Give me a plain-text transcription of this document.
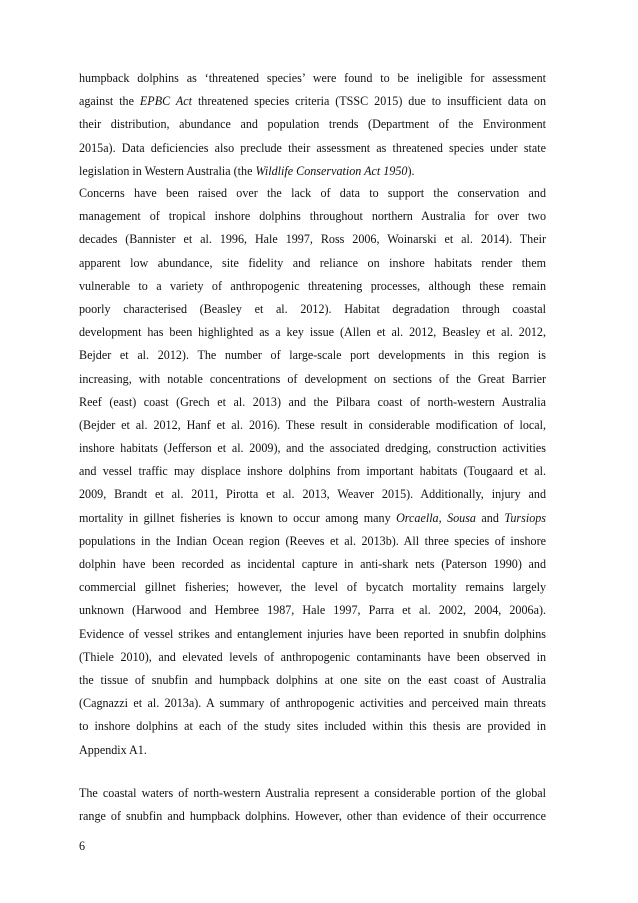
humpback dolphins as ‘threatened species’ were found to be ineligible for assessment
against the EPBC Act threatened species criteria (TSSC 2015) due to insufficient data on
their distribution, abundance and population trends (Department of the Environment
2015a). Data deficiencies also preclude their assessment as threatened species under state
legislation in Western Australia (the Wildlife Conservation Act 1950).
Concerns have been raised over the lack of data to support the conservation and
management of tropical inshore dolphins throughout northern Australia for over two
decades (Bannister et al. 1996, Hale 1997, Ross 2006, Woinarski et al. 2014). Their
apparent low abundance, site fidelity and reliance on inshore habitats render them
vulnerable to a variety of anthropogenic threatening processes, although these remain
poorly characterised (Beasley et al. 2012). Habitat degradation through coastal
development has been highlighted as a key issue (Allen et al. 2012, Beasley et al. 2012,
Bejder et al. 2012). The number of large-scale port developments in this region is
increasing, with notable concentrations of development on sections of the Great Barrier
Reef (east) coast (Grech et al. 2013) and the Pilbara coast of north-western Australia
(Bejder et al. 2012, Hanf et al. 2016). These result in considerable modification of local,
inshore habitats (Jefferson et al. 2009), and the associated dredging, construction activities
and vessel traffic may displace inshore dolphins from important habitats (Tougaard et al.
2009, Brandt et al. 2011, Pirotta et al. 2013, Weaver 2015). Additionally, injury and
mortality in gillnet fisheries is known to occur among many Orcaella, Sousa and Tursiops
populations in the Indian Ocean region (Reeves et al. 2013b). All three species of inshore
dolphin have been recorded as incidental capture in anti-shark nets (Paterson 1990) and
commercial gillnet fisheries; however, the level of bycatch mortality remains largely
unknown (Harwood and Hembree 1987, Hale 1997, Parra et al. 2002, 2004, 2006a).
Evidence of vessel strikes and entanglement injuries have been reported in snubfin dolphins
(Thiele 2010), and elevated levels of anthropogenic contaminants have been observed in
the tissue of snubfin and humpback dolphins at one site on the east coast of Australia
(Cagnazzi et al. 2013a). A summary of anthropogenic activities and perceived main threats
to inshore dolphins at each of the study sites included within this thesis are provided in
Appendix A1.
The coastal waters of north-western Australia represent a considerable portion of the global
range of snubfin and humpback dolphins. However, other than evidence of their occurrence

6
